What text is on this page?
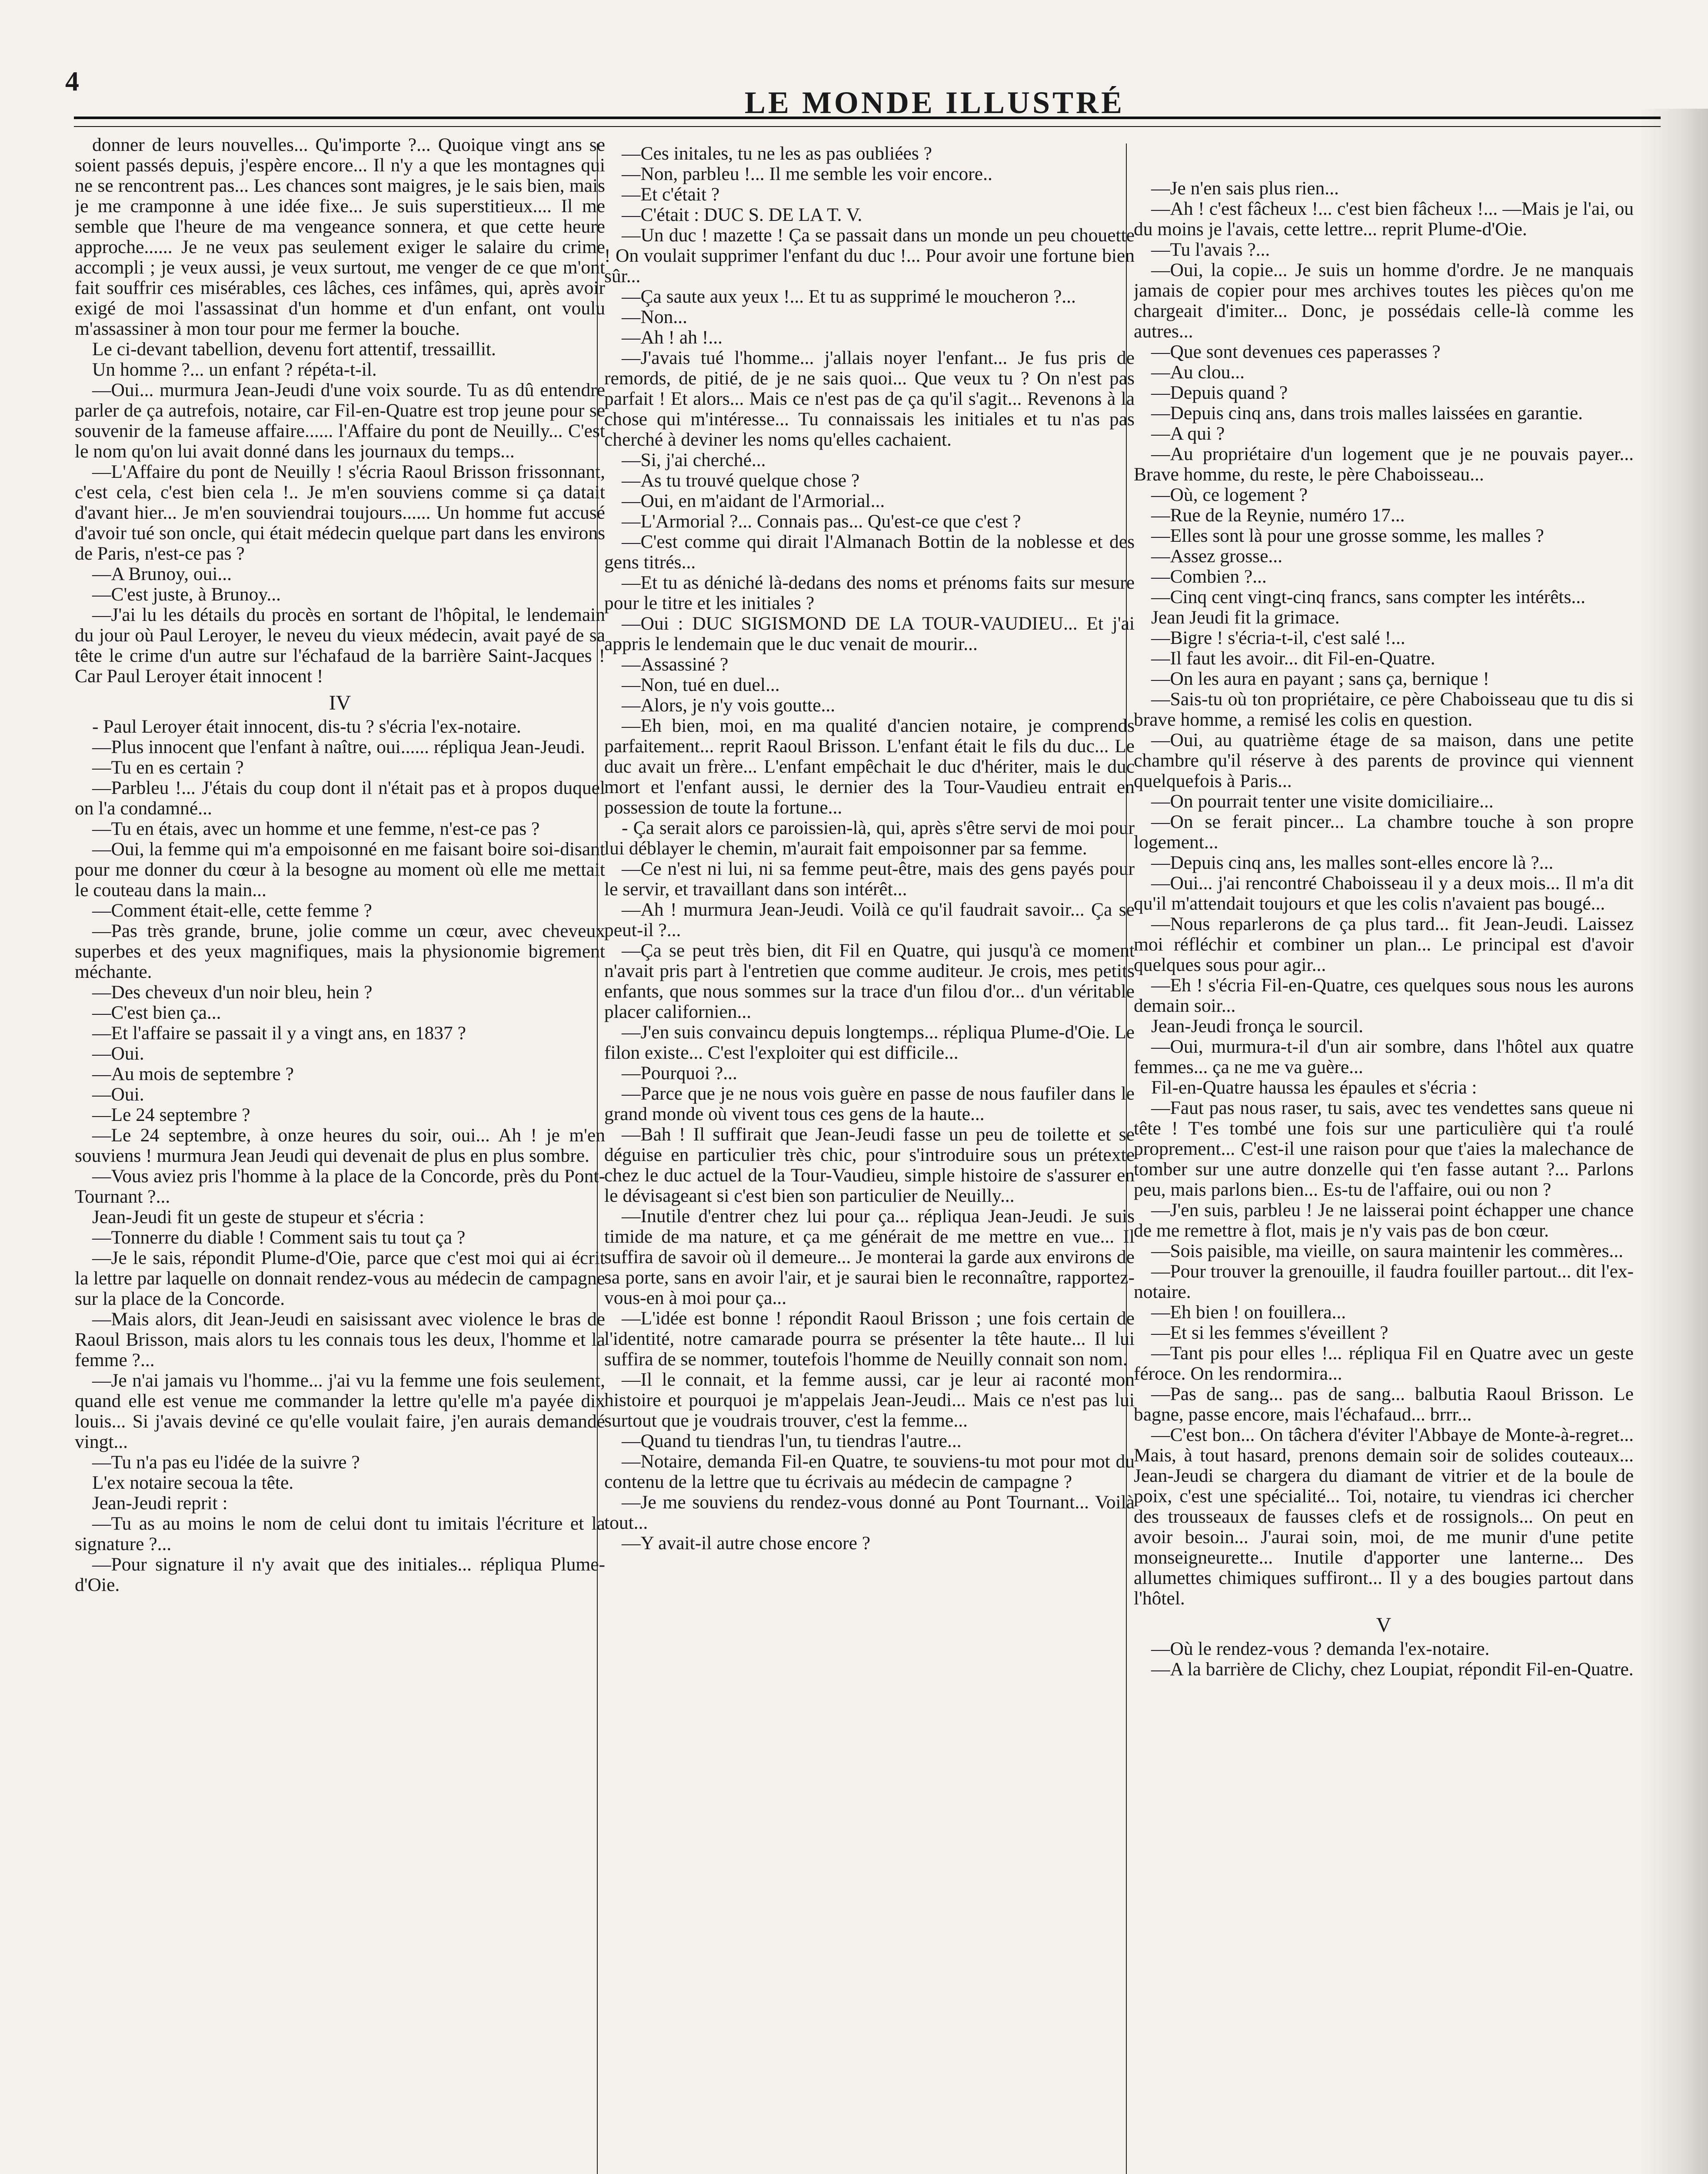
4
LE MONDE ILLUSTRÉ

donner de leurs nouvelles... Qu'importe ?... Quoique vingt ans se soient passés depuis, j'espère encore... Il n'y a que les montagnes qui ne se rencontrent pas... Les chances sont maigres, je le sais bien, mais je me cramponne à une idée fixe... Je suis superstitieux.... Il me semble que l'heure de ma vengeance sonnera, et que cette heure approche...... Je ne veux pas seulement exiger le salaire du crime accompli ; je veux aussi, je veux surtout, me venger de ce que m'ont fait souffrir ces misérables, ces lâches, ces infâmes, qui, après avoir exigé de moi l'assassinat d'un homme et d'un enfant, ont voulu m'assassiner à mon tour pour me fermer la bouche.

Le ci-devant tabellion, devenu fort attentif, tressaillit.

Un homme ?... un enfant ? répéta-t-il.

—Oui... murmura Jean-Jeudi d'une voix sourde. Tu as dû entendre parler de ça autrefois, notaire, car Fil-en-Quatre est trop jeune pour se souvenir de la fameuse affaire...... l'Affaire du pont de Neuilly... C'est le nom qu'on lui avait donné dans les journaux du temps...

—L'Affaire du pont de Neuilly ! s'écria Raoul Brisson frissonnant, c'est cela, c'est bien cela !.. Je m'en souviens comme si ça datait d'avant hier... Je m'en souviendrai toujours...... Un homme fut accusé d'avoir tué son oncle, qui était médecin quelque part dans les environs de Paris, n'est-ce pas ?

—A Brunoy, oui...

—C'est juste, à Brunoy...

—J'ai lu les détails du procès en sortant de l'hôpital, le lendemain du jour où Paul Leroyer, le neveu du vieux médecin, avait payé de sa tête le crime d'un autre sur l'échafaud de la barrière Saint-Jacques ! Car Paul Leroyer était innocent !

IV

- Paul Leroyer était innocent, dis-tu ? s'écria l'ex-notaire.

—Plus innocent que l'enfant à naître, oui...... répliqua Jean-Jeudi.

—Tu en es certain ?

—Parbleu !... J'étais du coup dont il n'était pas et à propos duquel on l'a condamné...

—Tu en étais, avec un homme et une femme, n'est-ce pas ?

—Oui, la femme qui m'a empoisonné en me faisant boire soi-disant pour me donner du cœur à la besogne au moment où elle me mettait le couteau dans la main...

—Comment était-elle, cette femme ?

—Pas très grande, brune, jolie comme un cœur, avec cheveux superbes et des yeux magnifiques, mais la physionomie bigrement méchante.

—Des cheveux d'un noir bleu, hein ?

—C'est bien ça...

—Et l'affaire se passait il y a vingt ans, en 1837 ?

—Oui.

—Au mois de septembre ?

—Oui.

—Le 24 septembre ?

—Le 24 septembre, à onze heures du soir, oui... Ah ! je m'en souviens ! murmura Jean Jeudi qui devenait de plus en plus sombre.

—Vous aviez pris l'homme à la place de la Concorde, près du Pont-Tournant ?...

Jean-Jeudi fit un geste de stupeur et s'écria :

—Tonnerre du diable ! Comment sais tu tout ça ?

—Je le sais, répondit Plume-d'Oie, parce que c'est moi qui ai écrit la lettre par laquelle on donnait rendez-vous au médecin de campagne sur la place de la Concorde.

—Mais alors, dit Jean-Jeudi en saisissant avec violence le bras de Raoul Brisson, mais alors tu les connais tous les deux, l'homme et la femme ?...

—Je n'ai jamais vu l'homme... j'ai vu la femme une fois seulement, quand elle est venue me commander la lettre qu'elle m'a payée dix louis... Si j'avais deviné ce qu'elle voulait faire, j'en aurais demandé vingt...

—Tu n'a pas eu l'idée de la suivre ?

L'ex notaire secoua la tête.

Jean-Jeudi reprit :

—Tu as au moins le nom de celui dont tu imitais l'écriture et la signature ?...

—Pour signature il n'y avait que des initiales... répliqua Plume-d'Oie.

—Ces initales, tu ne les as pas oubliées ?

—Non, parbleu !... Il me semble les voir encore..

—Et c'était ?

—C'était : DUC S. DE LA T. V.

—Un duc ! mazette ! Ça se passait dans un monde un peu chouette ! On voulait supprimer l'enfant du duc !... Pour avoir une fortune bien sûr...

—Ça saute aux yeux !... Et tu as supprimé le moucheron ?...

—Non...

—Ah ! ah !...

—J'avais tué l'homme... j'allais noyer l'enfant... Je fus pris de remords, de pitié, de je ne sais quoi... Que veux tu ? On n'est pas parfait ! Et alors... Mais ce n'est pas de ça qu'il s'agit... Revenons à la chose qui m'intéresse... Tu connaissais les initiales et tu n'as pas cherché à deviner les noms qu'elles cachaient.

—Si, j'ai cherché...

—As tu trouvé quelque chose ?

—Oui, en m'aidant de l'Armorial...

—L'Armorial ?... Connais pas... Qu'est-ce que c'est ?

—C'est comme qui dirait l'Almanach Bottin de la noblesse et des gens titrés...

—Et tu as déniché là-dedans des noms et prénoms faits sur mesure pour le titre et les initiales ?

—Oui : DUC SIGISMOND DE LA TOUR-VAUDIEU... Et j'ai appris le lendemain que le duc venait de mourir...

—Assassiné ?

—Non, tué en duel...

—Alors, je n'y vois goutte...

—Eh bien, moi, en ma qualité d'ancien notaire, je comprends parfaitement... reprit Raoul Brisson. L'enfant était le fils du duc... Le duc avait un frère... L'enfant empêchait le duc d'hériter, mais le duc mort et l'enfant aussi, le dernier des la Tour-Vaudieu entrait en possession de toute la fortune...

- Ça serait alors ce paroissien-là, qui, après s'être servi de moi pour lui déblayer le chemin, m'aurait fait empoisonner par sa femme.

—Ce n'est ni lui, ni sa femme peut-être, mais des gens payés pour le servir, et travaillant dans son intérêt...

—Ah ! murmura Jean-Jeudi. Voilà ce qu'il faudrait savoir... Ça se peut-il ?...

—Ça se peut très bien, dit Fil en Quatre, qui jusqu'à ce moment n'avait pris part à l'entretien que comme auditeur. Je crois, mes petits enfants, que nous sommes sur la trace d'un filou d'or... d'un véritable placer californien...

—J'en suis convaincu depuis longtemps... répliqua Plume-d'Oie. Le filon existe... C'est l'exploiter qui est difficile...

—Pourquoi ?...

—Parce que je ne nous vois guère en passe de nous faufiler dans le grand monde où vivent tous ces gens de la haute...

—Bah ! Il suffirait que Jean-Jeudi fasse un peu de toilette et se déguise en particulier très chic, pour s'introduire sous un prétexte chez le duc actuel de la Tour-Vaudieu, simple histoire de s'assurer en le dévisageant si c'est bien son particulier de Neuilly...

—Inutile d'entrer chez lui pour ça... répliqua Jean-Jeudi. Je suis timide de ma nature, et ça me générait de me mettre en vue... Il suffira de savoir où il demeure... Je monterai la garde aux environs de sa porte, sans en avoir l'air, et je saurai bien le reconnaître, rapportez-vous-en à moi pour ça...

—L'idée est bonne ! répondit Raoul Brisson ; une fois certain de l'identité, notre camarade pourra se présenter la tête haute... Il lui suffira de se nommer, toutefois l'homme de Neuilly connait son nom.

—Il le connait, et la femme aussi, car je leur ai raconté mon histoire et pourquoi je m'appelais Jean-Jeudi... Mais ce n'est pas lui surtout que je voudrais trouver, c'est la femme...

—Quand tu tiendras l'un, tu tiendras l'autre...

—Notaire, demanda Fil-en Quatre, te souviens-tu mot pour mot du contenu de la lettre que tu écrivais au médecin de campagne ?

—Je me souviens du rendez-vous donné au Pont Tournant... Voilà tout...

—Y avait-il autre chose encore ?

—Je n'en sais plus rien...

—Ah ! c'est fâcheux !... c'est bien fâcheux !... —Mais je l'ai, ou du moins je l'avais, cette lettre... reprit Plume-d'Oie.

—Tu l'avais ?...

—Oui, la copie... Je suis un homme d'ordre. Je ne manquais jamais de copier pour mes archives toutes les pièces qu'on me chargeait d'imiter... Donc, je possédais celle-là comme les autres...

—Que sont devenues ces paperasses ?

—Au clou...

—Depuis quand ?

—Depuis cinq ans, dans trois malles laissées en garantie.

—A qui ?

—Au propriétaire d'un logement que je ne pouvais payer... Brave homme, du reste, le père Chaboisseau...

—Où, ce logement ?

—Rue de la Reynie, numéro 17...

—Elles sont là pour une grosse somme, les malles ?

—Assez grosse...

—Combien ?...

—Cinq cent vingt-cinq francs, sans compter les intérêts...

Jean Jeudi fit la grimace.

—Bigre ! s'écria-t-il, c'est salé !...

—Il faut les avoir... dit Fil-en-Quatre.

—On les aura en payant ; sans ça, bernique !

—Sais-tu où ton propriétaire, ce père Chaboisseau que tu dis si brave homme, a remisé les colis en question.

—Oui, au quatrième étage de sa maison, dans une petite chambre qu'il réserve à des parents de province qui viennent quelquefois à Paris...

—On pourrait tenter une visite domiciliaire...

—On se ferait pincer... La chambre touche à son propre logement...

—Depuis cinq ans, les malles sont-elles encore là ?...

—Oui... j'ai rencontré Chaboisseau il y a deux mois... Il m'a dit qu'il m'attendait toujours et que les colis n'avaient pas bougé...

—Nous reparlerons de ça plus tard... fit Jean-Jeudi. Laissez moi réfléchir et combiner un plan... Le principal est d'avoir quelques sous pour agir...

—Eh ! s'écria Fil-en-Quatre, ces quelques sous nous les aurons demain soir...

Jean-Jeudi fronça le sourcil.

—Oui, murmura-t-il d'un air sombre, dans l'hôtel aux quatre femmes... ça ne me va guère...

Fil-en-Quatre haussa les épaules et s'écria :

—Faut pas nous raser, tu sais, avec tes vendettes sans queue ni tête ! T'es tombé une fois sur une particulière qui t'a roulé proprement... C'est-il une raison pour que t'aies la malechance de tomber sur une autre donzelle qui t'en fasse autant ?... Parlons peu, mais parlons bien... Es-tu de l'affaire, oui ou non ?

—J'en suis, parbleu ! Je ne laisserai point échapper une chance de me remettre à flot, mais je n'y vais pas de bon cœur.

—Sois paisible, ma vieille, on saura maintenir les commères...

—Pour trouver la grenouille, il faudra fouiller partout... dit l'ex-notaire.

—Eh bien ! on fouillera...

—Et si les femmes s'éveillent ?

—Tant pis pour elles !... répliqua Fil en Quatre avec un geste féroce. On les rendormira...

—Pas de sang... pas de sang... balbutia Raoul Brisson. Le bagne, passe encore, mais l'échafaud... brrr...

—C'est bon... On tâchera d'éviter l'Abbaye de Monte-à-regret... Mais, à tout hasard, prenons demain soir de solides couteaux... Jean-Jeudi se chargera du diamant de vitrier et de la boule de poix, c'est une spécialité... Toi, notaire, tu viendras ici chercher des trousseaux de fausses clefs et de rossignols... On peut en avoir besoin... J'aurai soin, moi, de me munir d'une petite monseigneurette... Inutile d'apporter une lanterne... Des allumettes chimiques suffiront... Il y a des bougies partout dans l'hôtel.

V

—Où le rendez-vous ? demanda l'ex-notaire.

—A la barrière de Clichy, chez Loupiat, répondit Fil-en-Quatre.
